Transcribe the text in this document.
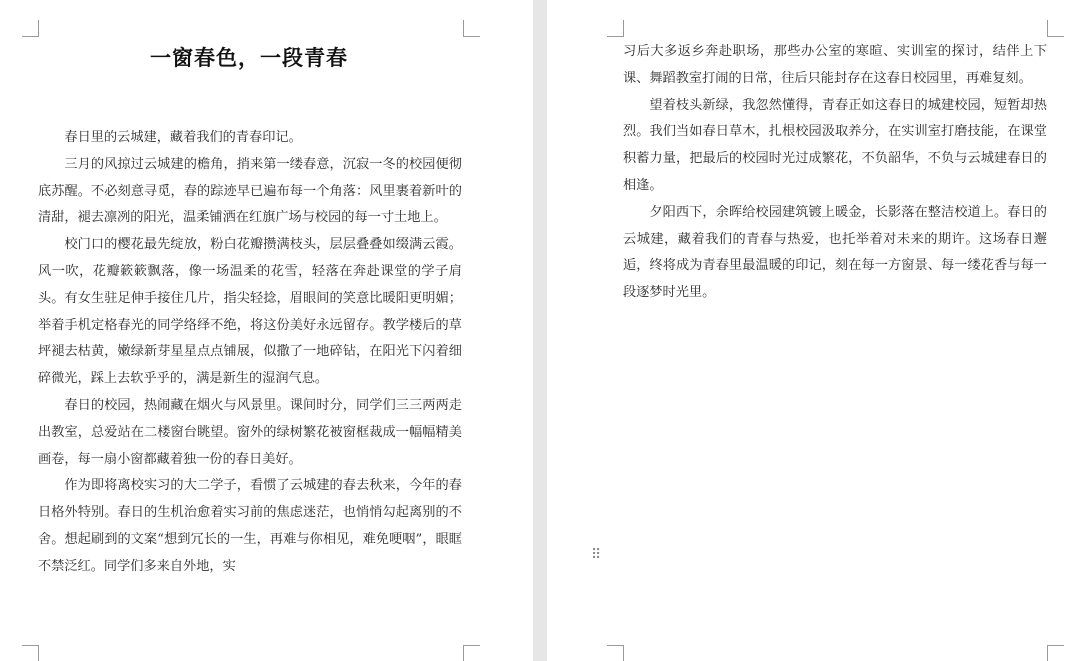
一窗春色，一段青春

春日里的云城建，藏着我们的青春印记。

三月的风掠过云城建的檐角，捎来第一缕春意，沉寂一冬的校园便彻底苏醒。不必刻意寻觅，春的踪迹早已遍布每一个角落：风里裹着新叶的清甜，褪去凛冽的阳光，温柔铺洒在红旗广场与校园的每一寸土地上。

校门口的樱花最先绽放，粉白花瓣攒满枝头，层层叠叠如缀满云霞。风一吹，花瓣簌簌飘落，像一场温柔的花雪，轻落在奔赴课堂的学子肩头。有女生驻足伸手接住几片，指尖轻捻，眉眼间的笑意比暖阳更明媚；举着手机定格春光的同学络绎不绝，将这份美好永远留存。教学楼后的草坪褪去枯黄，嫩绿新芽星星点点铺展，似撒了一地碎钻，在阳光下闪着细碎微光，踩上去软乎乎的，满是新生的湿润气息。

春日的校园，热闹藏在烟火与风景里。课间时分，同学们三三两两走出教室，总爱站在二楼窗台眺望。窗外的绿树繁花被窗框裁成一幅幅精美画卷，每一扇小窗都藏着独一份的春日美好。

作为即将离校实习的大二学子，看惯了云城建的春去秋来，今年的春日格外特别。春日的生机治愈着实习前的焦虑迷茫，也悄悄勾起离别的不舍。想起刷到的文案“想到冗长的一生，再难与你相见，难免哽咽”，眼眶不禁泛红。同学们多来自外地，实

⠿

习后大多返乡奔赴职场，那些办公室的寒暄、实训室的探讨，结伴上下课、舞蹈教室打闹的日常，往后只能封存在这春日校园里，再难复刻。

望着枝头新绿，我忽然懂得，青春正如这春日的城建校园，短暂却热烈。我们当如春日草木，扎根校园汲取养分，在实训室打磨技能，在课堂积蓄力量，把最后的校园时光过成繁花，不负韶华，不负与云城建春日的相逢。

夕阳西下，余晖给校园建筑镀上暖金，长影落在整洁校道上。春日的云城建，藏着我们的青春与热爱，也托举着对未来的期许。这场春日邂逅，终将成为青春里最温暖的印记，刻在每一方窗景、每一缕花香与每一段逐梦时光里。
